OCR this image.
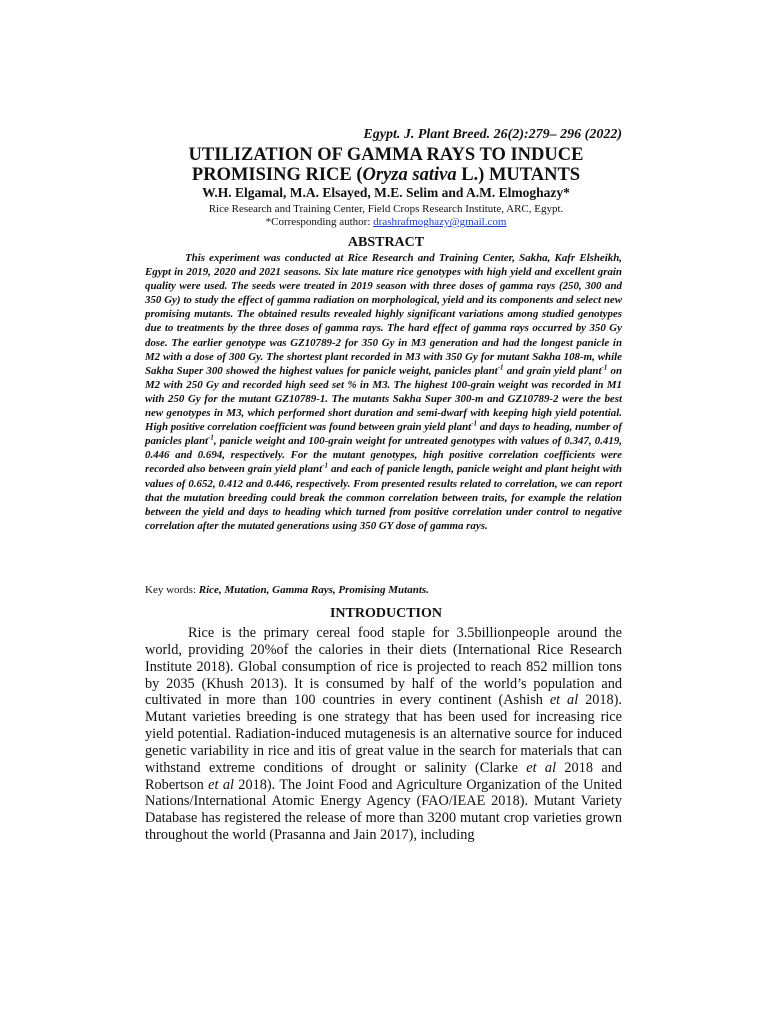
Egypt. J. Plant Breed. 26(2):279– 296 (2022)
UTILIZATION OF GAMMA RAYS TO INDUCE
PROMISING RICE (Oryza sativa L.) MUTANTS
W.H. Elgamal, M.A. Elsayed, M.E. Selim and A.M. Elmoghazy*
Rice Research and Training Center, Field Crops Research Institute, ARC, Egypt.
*Corresponding author: drashrafmoghazy@gmail.com
ABSTRACT

This experiment was conducted at Rice Research and Training Center, Sakha, Kafr Elsheikh, Egypt in 2019, 2020 and 2021 seasons. Six late mature rice genotypes with high yield and excellent grain quality were used. The seeds were treated in 2019 season with three doses of gamma rays (250, 300 and 350 Gy) to study the effect of gamma radiation on morphological, yield and its components and select new promising mutants. The obtained results revealed highly significant variations among studied genotypes due to treatments by the three doses of gamma rays. The hard effect of gamma rays occurred by 350 Gy dose. The earlier genotype was GZ10789-2 for 350 Gy in M3 generation and had the longest panicle in M2 with a dose of 300 Gy. The shortest plant recorded in M3 with 350 Gy for mutant Sakha 108-m, while Sakha Super 300 showed the highest values for panicle weight, panicles plant$^{-1}$ and grain yield plant$^{-1}$ on M2 with 250 Gy and recorded high seed set % in M3. The highest 100-grain weight was recorded in M1 with 250 Gy for the mutant GZ10789-1. The mutants Sakha Super 300-m and GZ10789-2 were the best new genotypes in M3, which performed short duration and semi-dwarf with keeping high yield potential. High positive correlation coefficient was found between grain yield plant$^{-1}$ and days to heading, number of panicles plant$^{-1}$, panicle weight and 100-grain weight for untreated genotypes with values of 0.347, 0.419, 0.446 and 0.694, respectively. For the mutant genotypes, high positive correlation coefficients were recorded also between grain yield plant$^{-1}$ and each of panicle length, panicle weight and plant height with values of 0.652, 0.412 and 0.446, respectively. From presented results related to correlation, we can report that the mutation breeding could break the common correlation between traits, for example the relation between the yield and days to heading which turned from positive correlation under control to negative correlation after the mutated generations using 350 GY dose of gamma rays.

Key words: Rice, Mutation, Gamma Rays, Promising Mutants.
INTRODUCTION

Rice is the primary cereal food staple for 3.5billionpeople around the world, providing 20%of the calories in their diets (International Rice Research Institute 2018). Global consumption of rice is projected to reach 852 million tons by 2035 (Khush 2013). It is consumed by half of the world’s population and cultivated in more than 100 countries in every continent (Ashish et al 2018). Mutant varieties breeding is one strategy that has been used for increasing rice yield potential. Radiation-induced mutagenesis is an alternative source for induced genetic variability in rice and itis of great value in the search for materials that can withstand extreme conditions of drought or salinity (Clarke et al 2018 and Robertson et al 2018). The Joint Food and Agriculture Organization of the United Nations/International Atomic Energy Agency (FAO/IEAE 2018). Mutant Variety Database has registered the release of more than 3200 mutant crop varieties grown throughout the world (Prasanna and Jain 2017), including
